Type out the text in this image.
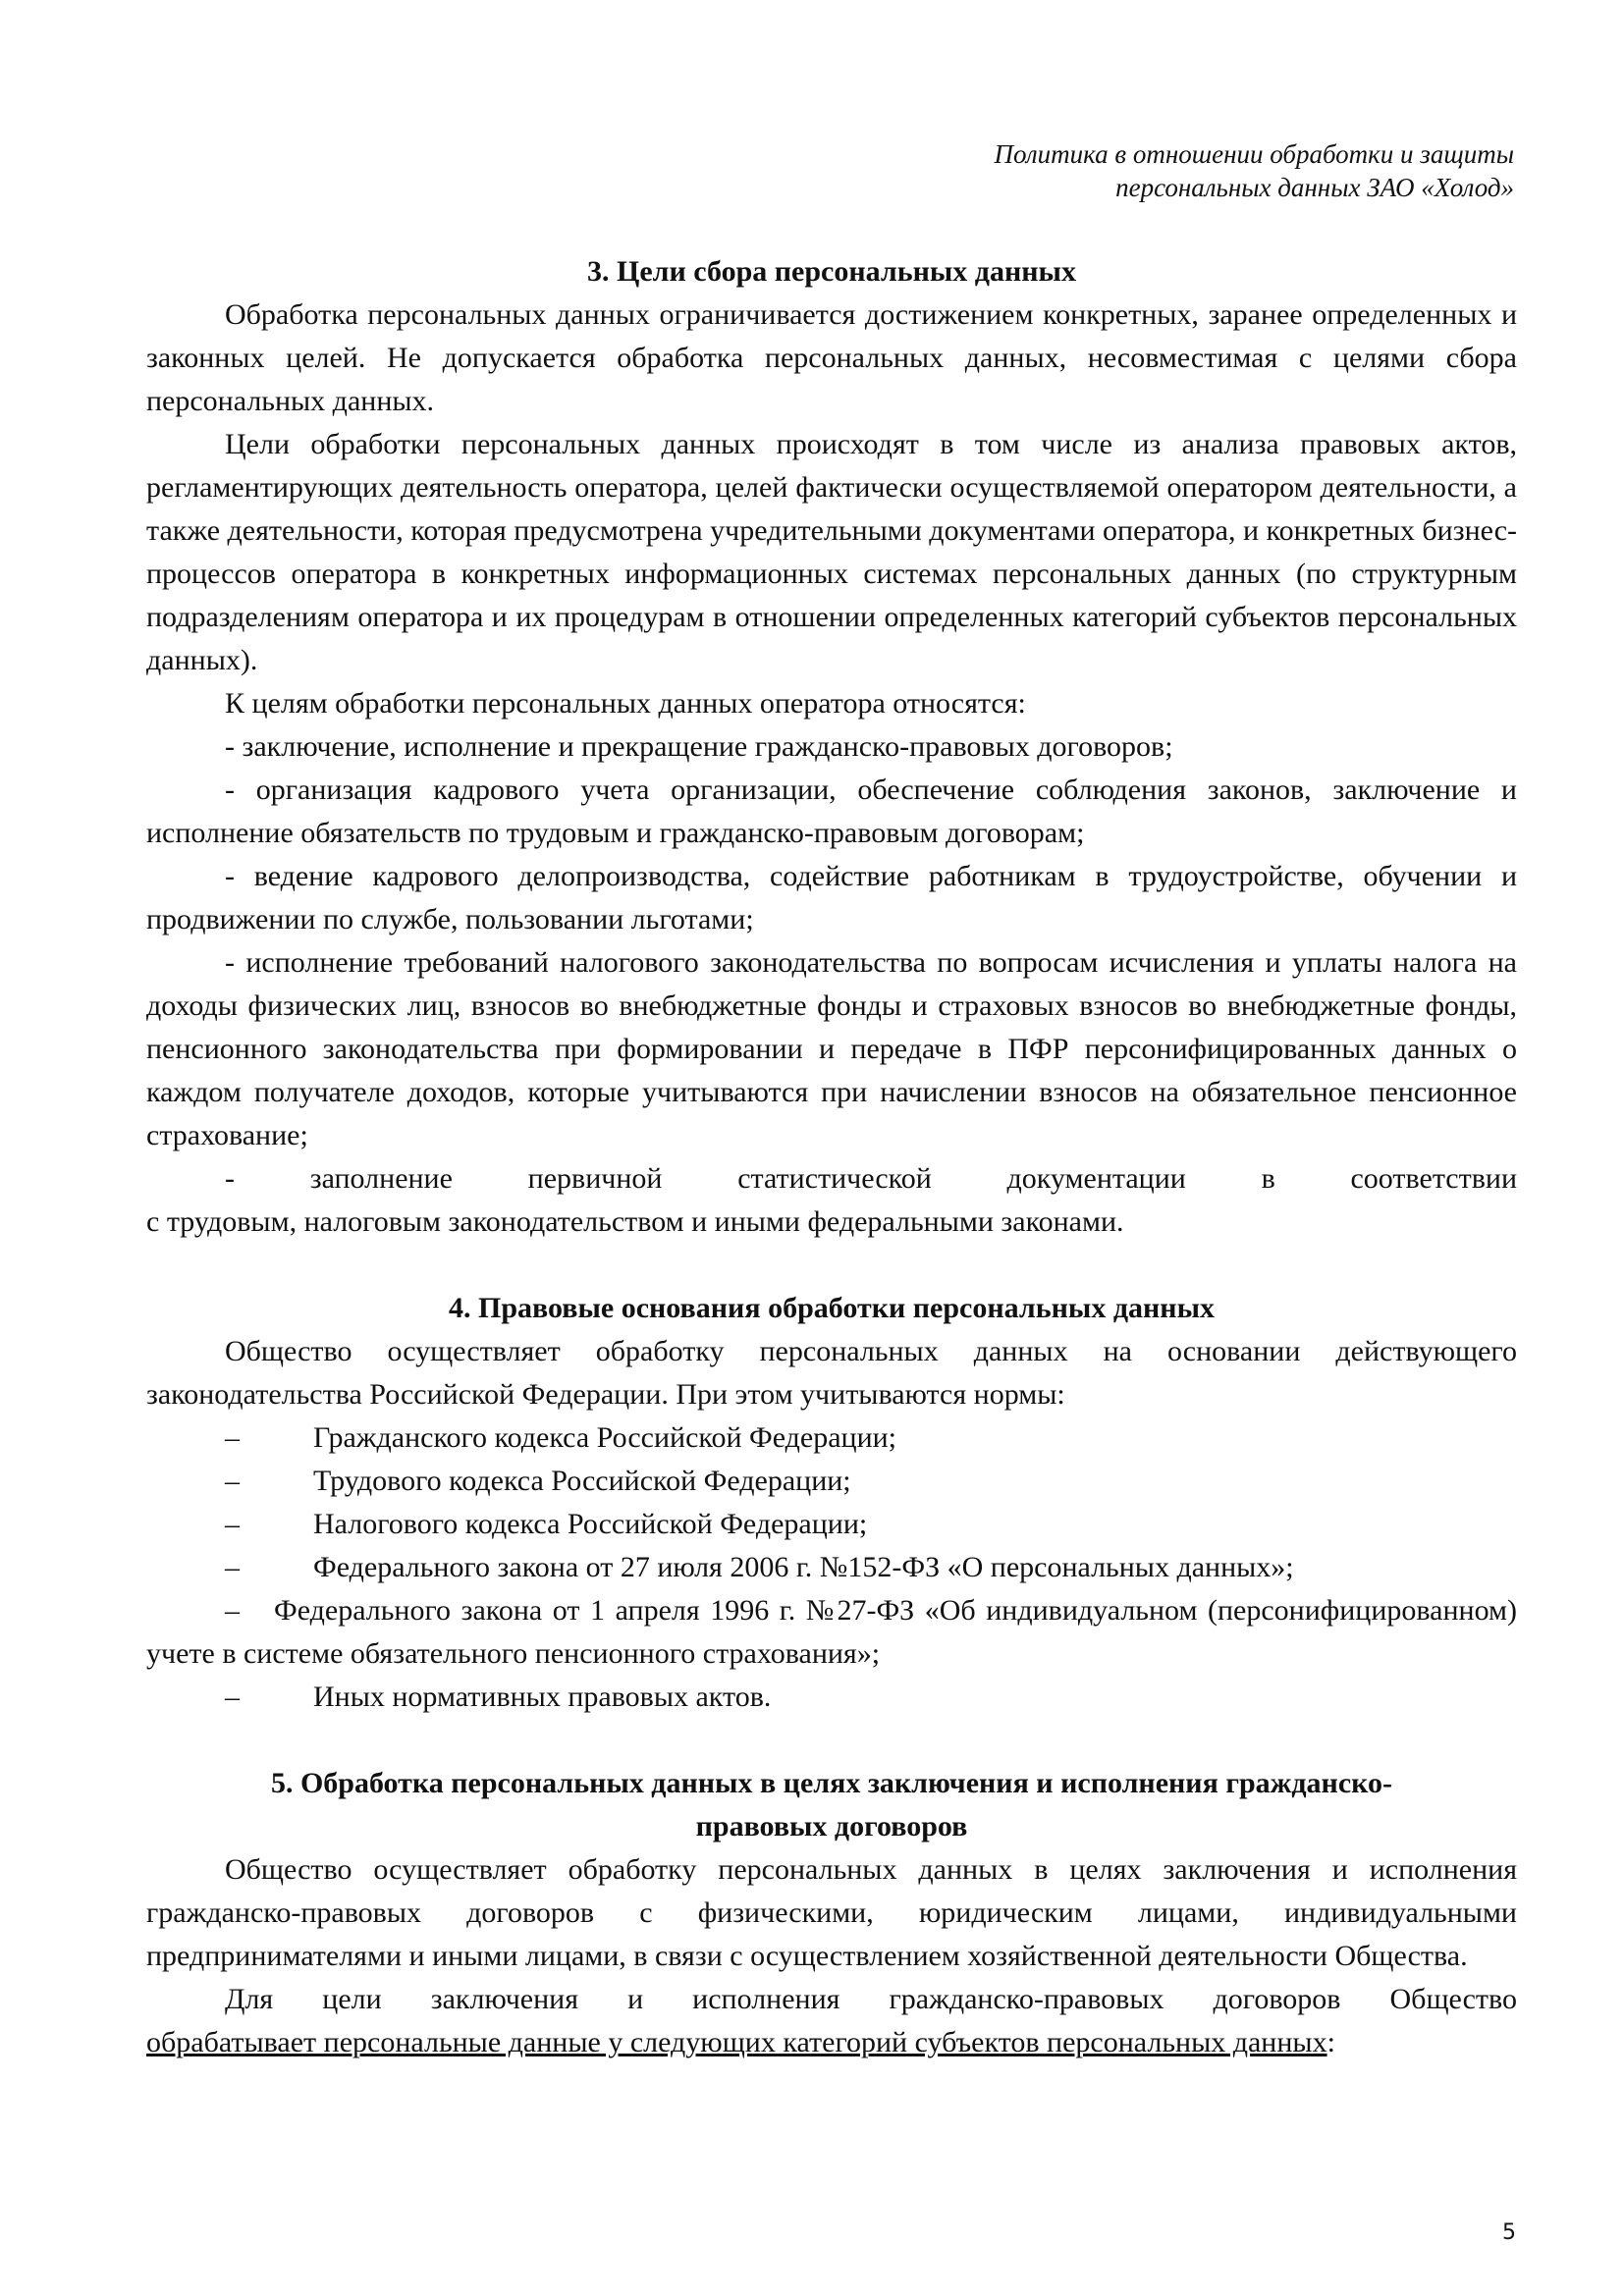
Политика в отношении обработки и защиты
персональных данных ЗАО «Холод»

3. Цели сбора персональных данных

Обработка персональных данных ограничивается достижением конкретных, заранее определенных и законных целей. Не допускается обработка персональных данных, несовместимая с целями сбора персональных данных.

Цели обработки персональных данных происходят в том числе из анализа правовых актов, регламентирующих деятельность оператора, целей фактически осуществляемой оператором деятельности, а также деятельности, которая предусмотрена учредительными документами оператора, и конкретных бизнес-процессов оператора в конкретных информационных системах персональных данных (по структурным подразделениям оператора и их процедурам в отношении определенных категорий субъектов персональных данных).

К целям обработки персональных данных оператора относятся:

- заключение, исполнение и прекращение гражданско-правовых договоров;

- организация кадрового учета организации, обеспечение соблюдения законов, заключение и исполнение обязательств по трудовым и гражданско-правовым договорам;

- ведение кадрового делопроизводства, содействие работникам в трудоустройстве, обучении и продвижении по службе, пользовании льготами;

- исполнение требований налогового законодательства по вопросам исчисления и уплаты налога на доходы физических лиц, взносов во внебюджетные фонды и страховых взносов во внебюджетные фонды, пенсионного законодательства при формировании и передаче в ПФР персонифицированных данных о каждом получателе доходов, которые учитываются при начислении взносов на обязательное пенсионное страхование;

- заполнение первичной статистической документации в соответствии

с трудовым, налоговым законодательством и иными федеральными законами.

4. Правовые основания обработки персональных данных

Общество осуществляет обработку персональных данных на основании действующего законодательства Российской Федерации. При этом учитываются нормы:

–	Гражданского кодекса Российской Федерации;

–	Трудового кодекса Российской Федерации;

–	Налогового кодекса Российской Федерации;

–	Федерального закона от 27 июля 2006 г. №152-ФЗ «О персональных данных»;

– Федерального закона от 1 апреля 1996 г. №27-ФЗ «Об индивидуальном (персонифицированном) учете в системе обязательного пенсионного страхования»;

–	Иных нормативных правовых актов.

5. Обработка персональных данных в целях заключения и исполнения гражданско-

правовых договоров

Общество осуществляет обработку персональных данных в целях заключения и исполнения гражданско-правовых договоров с физическими, юридическим лицами, индивидуальными предпринимателями и иными лицами, в связи с осуществлением хозяйственной деятельности Общества.

Для цели заключения и исполнения гражданско-правовых договоров Общество

обрабатывает персональные данные у следующих категорий субъектов персональных данных:

5
